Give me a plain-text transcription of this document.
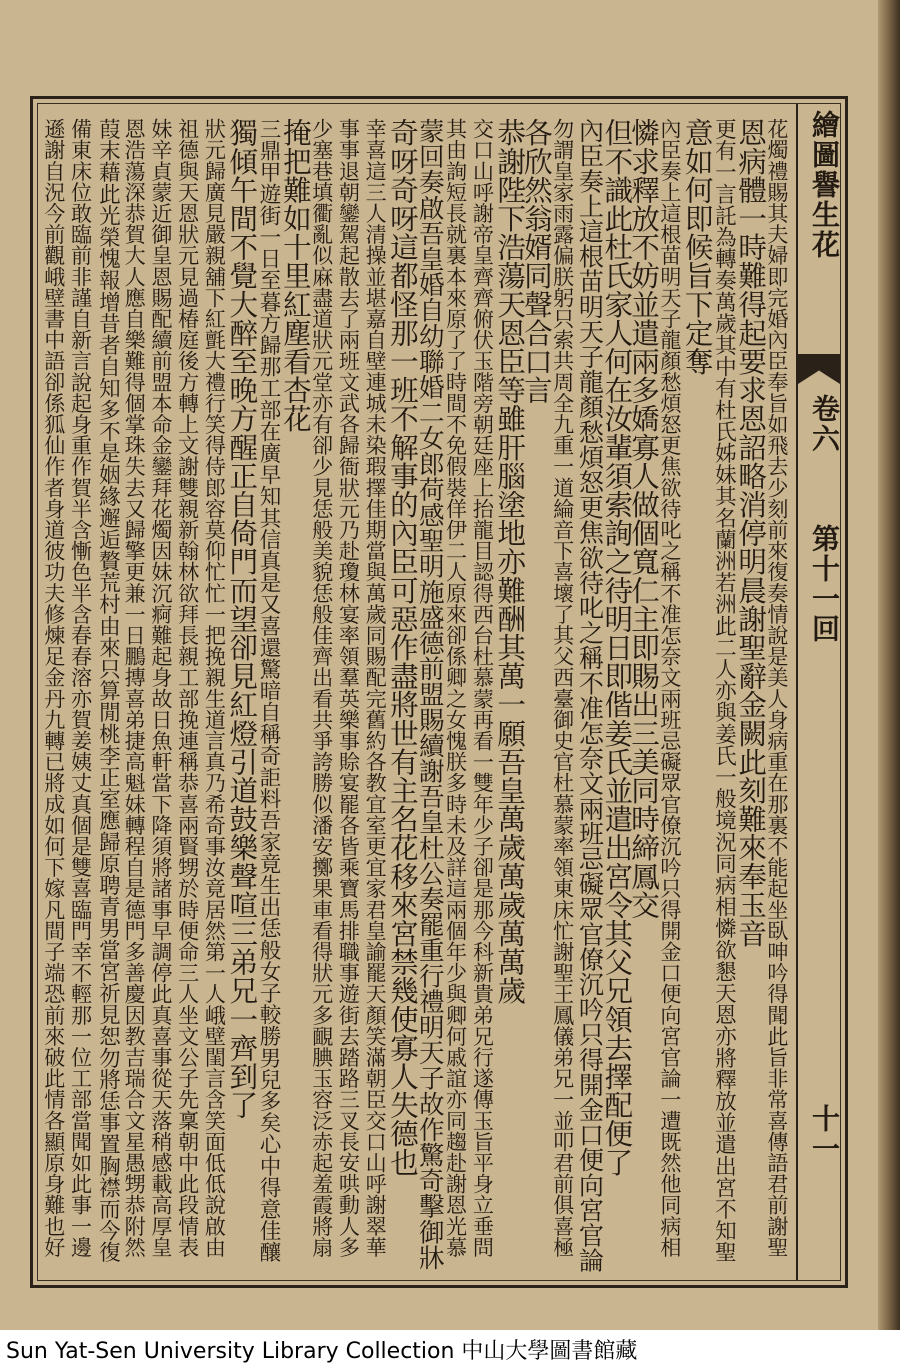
花燭禮賜其夫婦即完婚內臣奉旨如飛去少刻前來復奏情說是美人身病重在那裏不能起坐臥呻吟得聞此旨非常喜傳語君前謝聖
恩病體一時難得起要求恩詔略消停明晨謝聖辭金闕此刻難來奉玉音
更有一言託為轉奏萬歲其中有杜氏姊妹其名蘭洲若洲此二人亦與姜氏一般境況同病相憐欲懇天恩亦將釋放並遣出宮不知聖
意如何即候旨下定奪
內臣奏上這根苗明天子龍顏愁煩怒更焦欲待叱之稱不准怎奈文兩班忌礙眾官僚沉吟只得開金口便向宮官論一遭既然他同病相
憐求釋放不妨並遣兩多嬌寡人做個寬仁主即賜出三美同時締鳳交
但不識此杜氏家人何在汝輩須索詢之待明日即偕姜氏並遣出宮令其父兄領去擇配便了
內臣奏上這根苗明天子龍顏愁煩怒更焦欲待叱之稱不准怎奈文兩班忌礙眾官僚沉吟只得開金口便向宮官論
勿謂皇家雨露偏朕躬只索共周全九重一道綸音下喜壞了其父西臺御史官杜慕蒙率領東床忙謝聖王鳳儀弟兄一並叩君前俱喜極
各欣然翁婿同聲合口言
恭謝陛下浩蕩天恩臣等雖肝腦塗地亦難酬其萬一願吾皇萬歲萬歲萬萬歲
交口山呼謝帝皇齊齊俯伏玉階旁朝廷座上抬龍目認得西台杜慕蒙再看一雙年少子卻是那今科新貴弟兄行遂傳玉旨平身立垂問
其由詢短長就裏本來原了了時間不免假裝佯伊二人原來卻係卿之女愧朕多時未及詳這兩個年少與卿何戚誼亦同趨赴謝恩光慕
蒙回奏啟吾皇婚自幼聯婚二女郎荷感聖明施盛德前盟賜續謝吾皇杜公奏罷重行禮明天子故作驚奇擊御牀
奇呀奇呀這都怪那一班不解事的內臣可惡作盡將世有主名花移來宮禁幾使寡人失德也
幸喜這三人清操並堪嘉自壁連城未染瑕擇佳期當與萬歲同賜配完舊約各教宜室更宜家君皇諭罷天顏笑滿朝臣交口山呼謝翠華
事事退朝鑾駕起散去了兩班文武各歸衙狀元乃赴瓊林宴率領羣英樂事賒宴罷各皆乘寶馬排職事遊街去踏路三叉長安哄動人多
少塞巷填衢亂似麻盡道狀元堂亦有卻少見恁般美貌恁般佳齊出看共爭誇勝似潘安擲果車看得狀元多靦腆玉容泛赤起羞霞將扇
掩把難如十里紅塵看杏花
三鼎甲遊街一日至暮方歸那工部在廣早知其信真是又喜還驚暗自稱奇詎料吾家竟生出恁般女子較勝男兒多矣心中得意佳釀
獨傾午間不覺大醉至晚方醒正自倚門而望卻見紅燈引道鼓樂聲喧三弟兄一齊到了
狀元歸廣見嚴親舖下紅氈大禮行笑得侍郎容莫仰忙忙一把挽親生道言真乃希奇事汝竟居然第一人峨壁閨言含笑面低低說啟由
祖德與天恩狀元見過椿庭後方轉上文謝雙親新翰林欲拜長親工部挽連稱恭喜兩賢甥於時便命三人坐文公子先稟朝中此段情表
妹辛貞蒙近御皇恩賜配續前盟本命金鑾拜花燭因妹沉痾難起身故日魚軒當下降須將諸事早調停此真喜事從天落稍感載高厚皇
恩浩蕩深恭賀大人應自樂難得個掌珠失去又歸擎更兼一日鵬摶喜弟捷高魁妹轉程自是德門多善慶因教吉瑞合文星愚甥恭附然
葭末藉此光榮愧報增昔者自知多不是姻緣邂逅贅荒村由來只算閒桃李正室應歸原聘青男當宮祈見恕勿將恁事置胸襟而今復
備東床位敢臨前非謹自新言說起身重作賀半含慚色半含春春溶亦賀姜姨丈真個是雙喜臨門幸不輕那一位工部當聞如此事一邊
遜謝自況今前觀峨壁書中語卻係狐仙作者身道彼功夫修煉足金丹九轉已將成如何下嫁凡間子端恐前來破此情各顯原身難也好	繪圖譽生花
卷六
第十一回
十一
Sun Yat-Sen University Library Collection 中山大學圖書館藏
